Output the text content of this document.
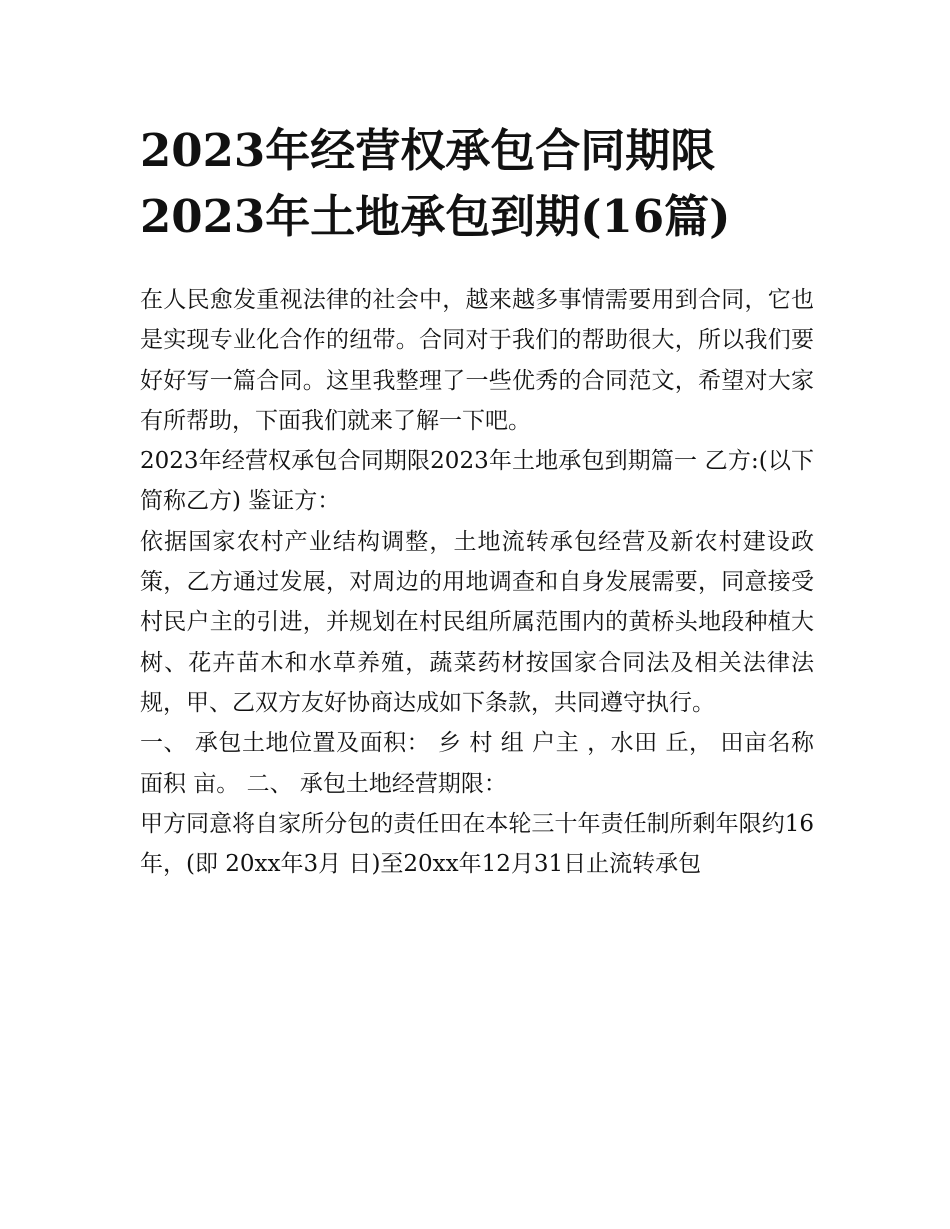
2023年经营权承包合同期限
2023年土地承包到期(16篇)

在人民愈发重视法律的社会中，越来越多事情需要用到合同，它也是实现专业化合作的纽带。合同对于我们的帮助很大，所以我们要好好写一篇合同。这里我整理了一些优秀的合同范文，希望对大家有所帮助，下面我们就来了解一下吧。

2023年经营权承包合同期限2023年土地承包到期篇一 乙方:(以下简称乙方) 鉴证方：

依据国家农村产业结构调整，土地流转承包经营及新农村建设政策，乙方通过发展，对周边的用地调查和自身发展需要，同意接受村民户主的引进，并规划在村民组所属范围内的黄桥头地段种植大树、花卉苗木和水草养殖，蔬菜药材按国家合同法及相关法律法规，甲、乙双方友好协商达成如下条款，共同遵守执行。

一、 承包土地位置及面积： 乡 村 组 户主 ，水田 丘， 田亩名称 面积 亩。 二、 承包土地经营期限：

甲方同意将自家所分包的责任田在本轮三十年责任制所剩年限约16年，(即 20xx年3月 日)至20xx年12月31日止流转承包
